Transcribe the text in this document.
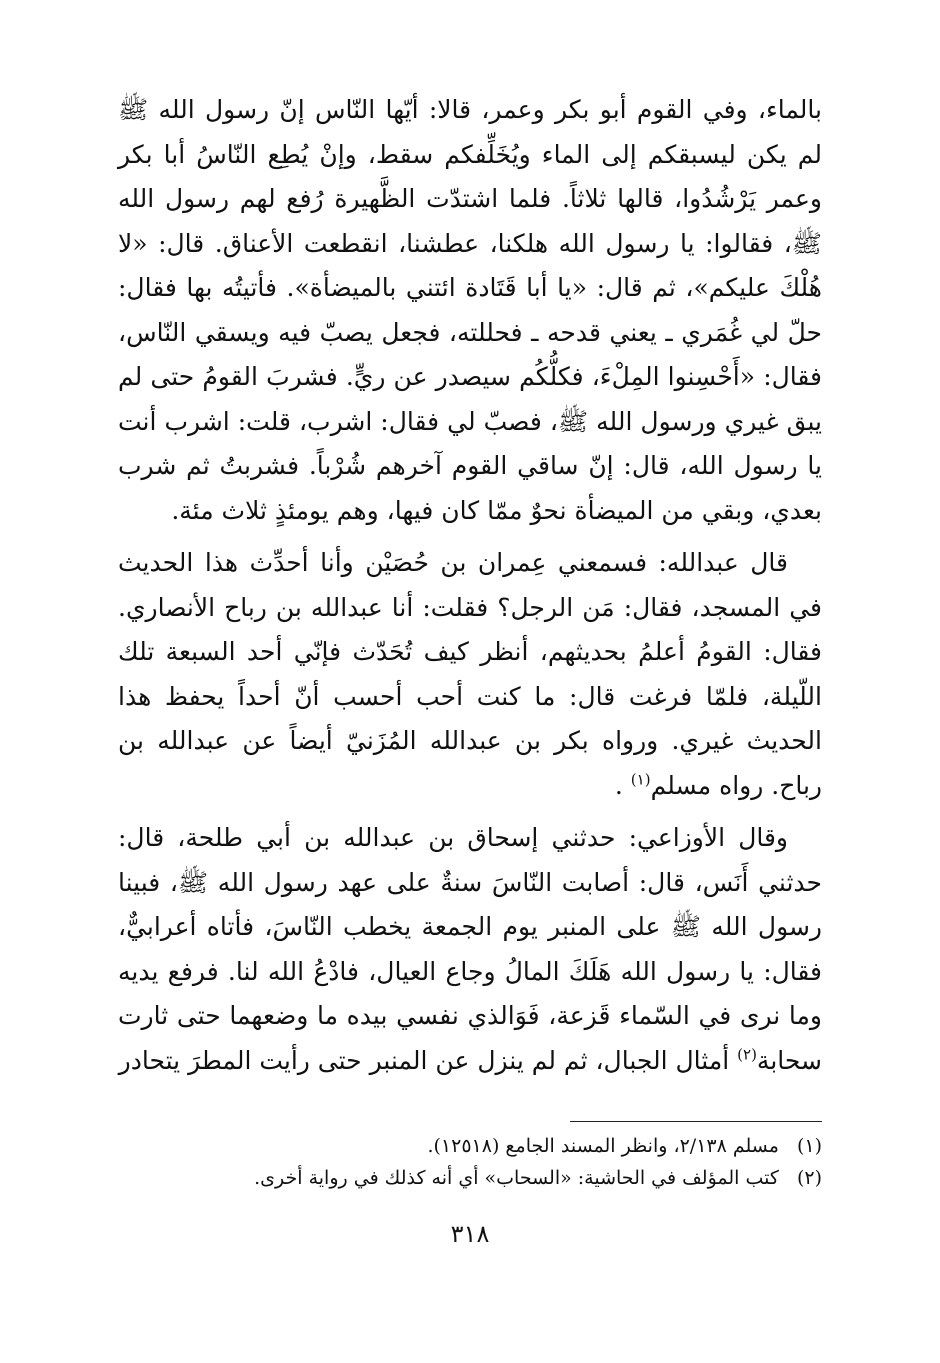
بالماء، وفي القوم أبو بكر وعمر، قالا: أيّها النّاس إنّ رسول الله ﷺ لم يكن ليسبقكم إلى الماء ويُخَلِّفكم سقط، وإنْ يُطِع النّاسُ أبا بكر وعمر يَرْشُدُوا، قالها ثلاثاً. فلما اشتدّت الظَّهيرة رُفع لهم رسول الله ﷺ، فقالوا: يا رسول الله هلكنا، عطشنا، انقطعت الأعناق. قال: «لا هُلْكَ عليكم»، ثم قال: «يا أبا قَتَادة ائتني بالميضأة». فأتيتُه بها فقال: حلّ لي غُمَري ـ يعني قدحه ـ فحللته، فجعل يصبّ فيه ويسقي النّاس، فقال: «أَحْسِنوا المِلْءَ، فكلُّكُم سيصدر عن ريٍّ. فشربَ القومُ حتى لم يبق غيري ورسول الله ﷺ، فصبّ لي فقال: اشرب، قلت: اشرب أنت يا رسول الله، قال: إنّ ساقي القوم آخرهم شُرْباً. فشربتُ ثم شرب بعدي، وبقي من الميضأة نحوٌ ممّا كان فيها، وهم يومئذٍ ثلاث مئة.

قال عبدالله: فسمعني عِمران بن حُصَيْن وأنا أحدِّث هذا الحديث في المسجد، فقال: مَن الرجل؟ فقلت: أنا عبدالله بن رباح الأنصاري. فقال: القومُ أعلمُ بحديثهم، أنظر كيف تُحَدّث فإنّي أحد السبعة تلك اللّيلة، فلمّا فرغت قال: ما كنت أحب أحسب أنّ أحداً يحفظ هذا الحديث غيري. ورواه بكر بن عبدالله المُزَنيّ أيضاً عن عبدالله بن رباح. رواه مسلم$^{(١)}$ .

وقال الأوزاعي: حدثني إسحاق بن عبدالله بن أبي طلحة، قال: حدثني أَنَس، قال: أصابت النّاسَ سنةٌ على عهد رسول الله ﷺ، فبينا رسول الله ﷺ على المنبر يوم الجمعة يخطب النّاسَ، فأتاه أعرابيٌّ، فقال: يا رسول الله هَلَكَ المالُ وجاع العيال، فادْعُ الله لنا. فرفع يديه وما نرى في السّماء قَزعة، فَوَالذي نفسي بيده ما وضعهما حتى ثارت سحابة$^{(٢)}$ أمثال الجبال، ثم لم ينزل عن المنبر حتى رأيت المطرَ يتحادر

(١)مسلم ٢/١٣٨، وانظر المسند الجامع (١٢٥١٨).

(٢)كتب المؤلف في الحاشية: «السحاب» أي أنه كذلك في رواية أخرى.

٣١٨
